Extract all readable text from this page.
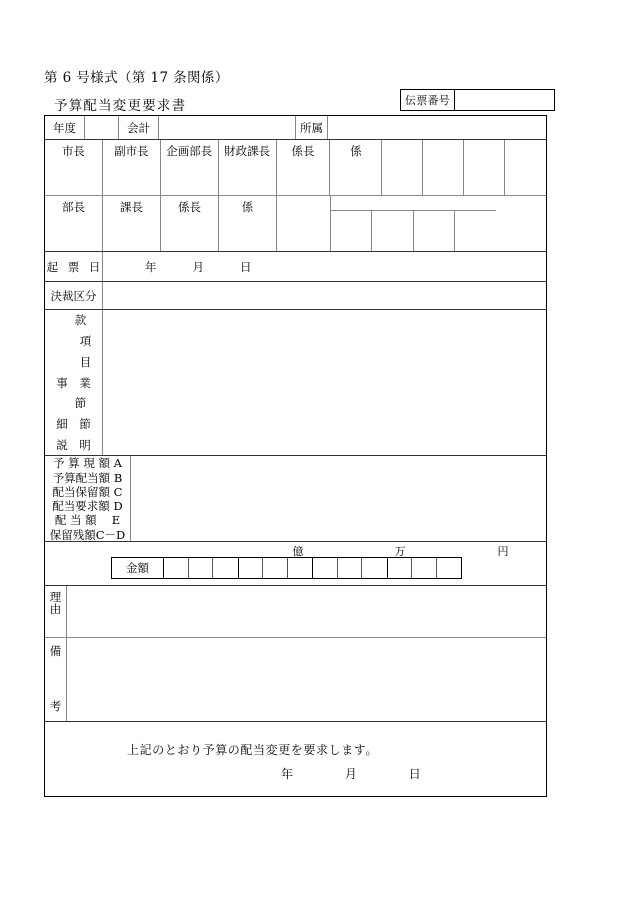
第 6 号様式（第 17 条関係）
予算配当変更要求書	伝票番号
年度	会計	所属
市長	副市長	企画部長	財政課長	係長	係
部長	課長	係長	係
起 票 日	年	月	日
決裁区分
款
項
目
事　業
節
細　節
説　明
予 算 現 額 A
予算配当額 B
配当保留額 C
配当要求額 D
配 当 額　 E
保留残額C－D
億	万	円
金額
理
由
備
考
上記のとおり予算の配当変更を要求します。
年	月	日
